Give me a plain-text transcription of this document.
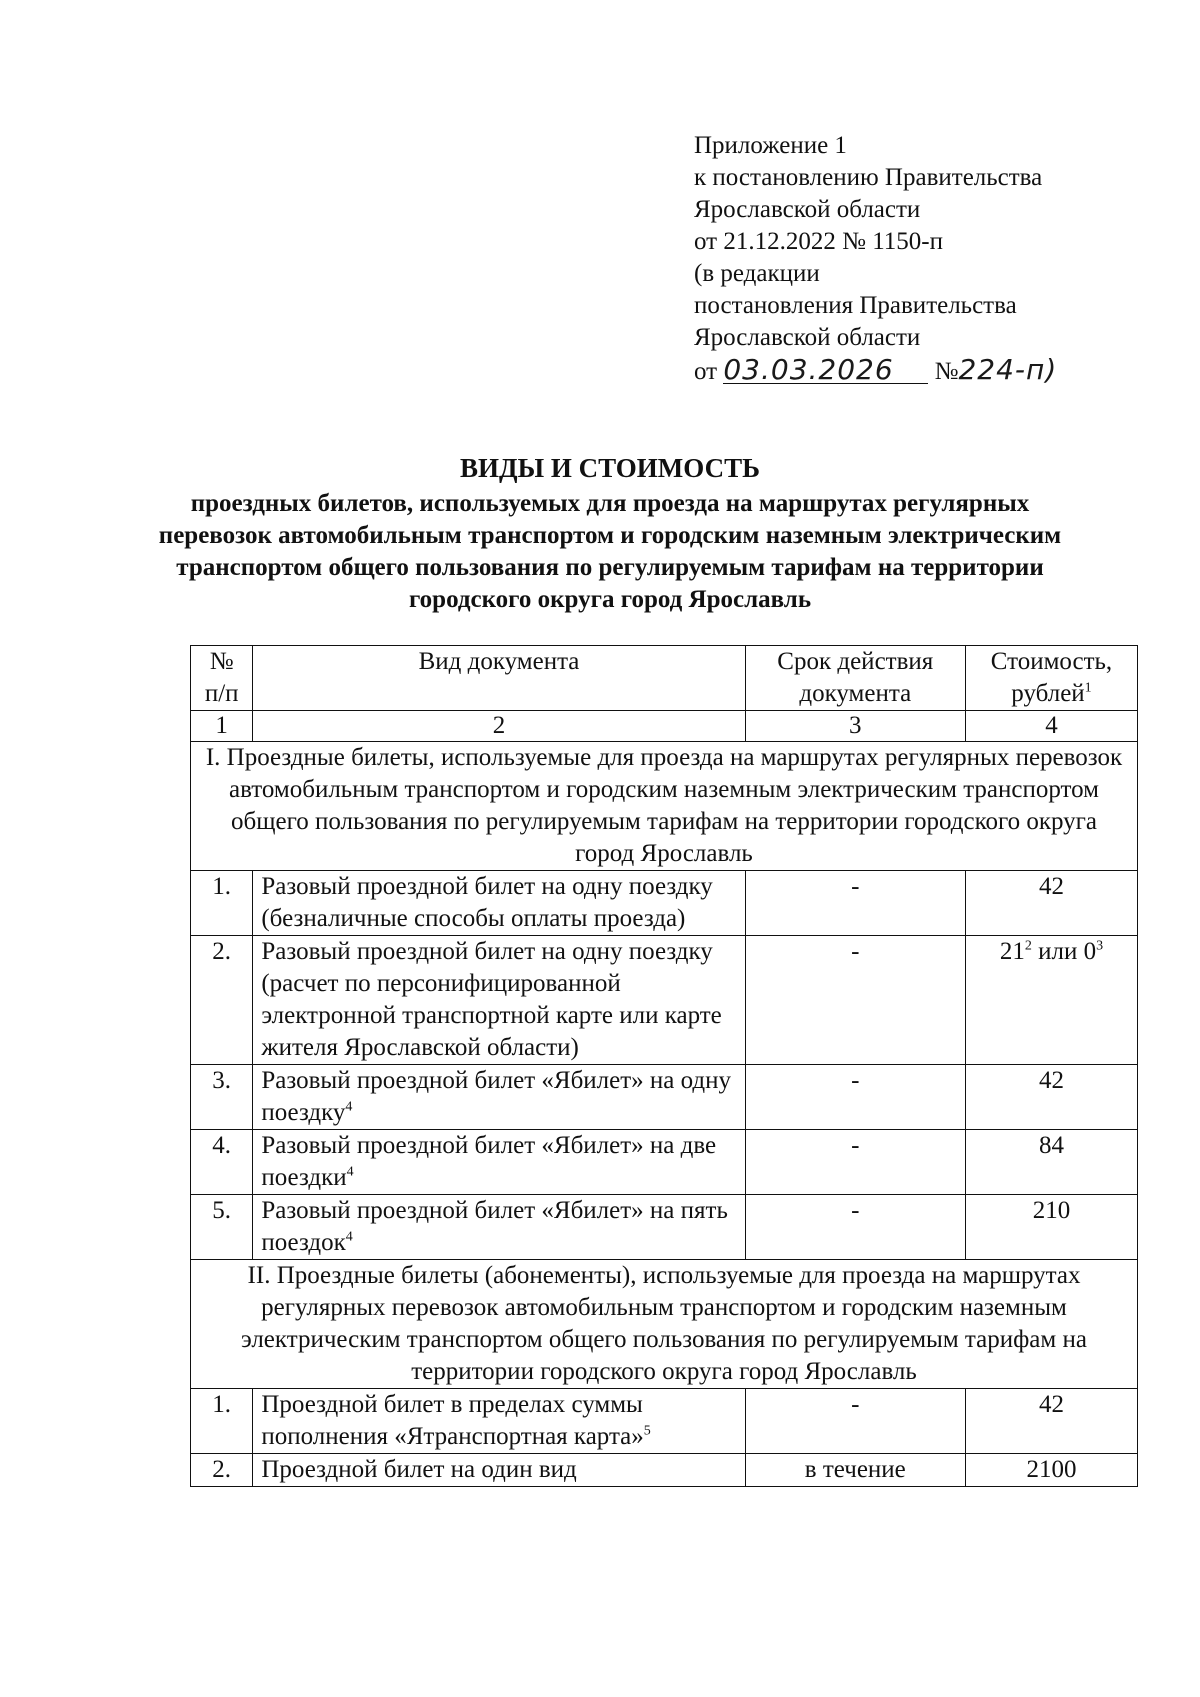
Приложение 1
к постановлению Правительства
Ярославской области
от 21.12.2022 № 1150-п
(в редакции
постановления Правительства
Ярославской области
от 03.03.2026 №224-п)
ВИДЫ И СТОИМОСТЬ
проездных билетов, используемых для проезда на маршрутах регулярных перевозок автомобильным транспортом и городским наземным электрическим транспортом общего пользования по регулируемым тарифам на территории городского округа город Ярославль
№ п/п	Вид документа	Срок действия документа	Стоимость, рублей$^1$
1	2	3	4
I. Проездные билеты, используемые для проезда на маршрутах регулярных перевозок автомобильным транспортом и городским наземным электрическим транспортом общего пользования по регулируемым тарифам на территории городского округа город Ярославль			
1.	Разовый проездной билет на одну поездку (безналичные способы оплаты проезда)	-	42
2.	Разовый проездной билет на одну поездку (расчет по персонифицированной электронной транспортной карте или карте жителя Ярославской области)	-	$21^2$ или $0^3$
3.	Разовый проездной билет «Ябилет» на одну поездку$^4$	-	42
4.	Разовый проездной билет «Ябилет» на две поездки$^4$	-	84
5.	Разовый проездной билет «Ябилет» на пять поездок$^4$	-	210
II. Проездные билеты (абонементы), используемые для проезда на маршрутах регулярных перевозок автомобильным транспортом и городским наземным электрическим транспортом общего пользования по регулируемым тарифам на территории городского округа город Ярославль			
1.	Проездной билет в пределах суммы пополнения «Ятранспортная карта»$^5$	-	42
2.	Проездной билет на один вид	в течение	2100
